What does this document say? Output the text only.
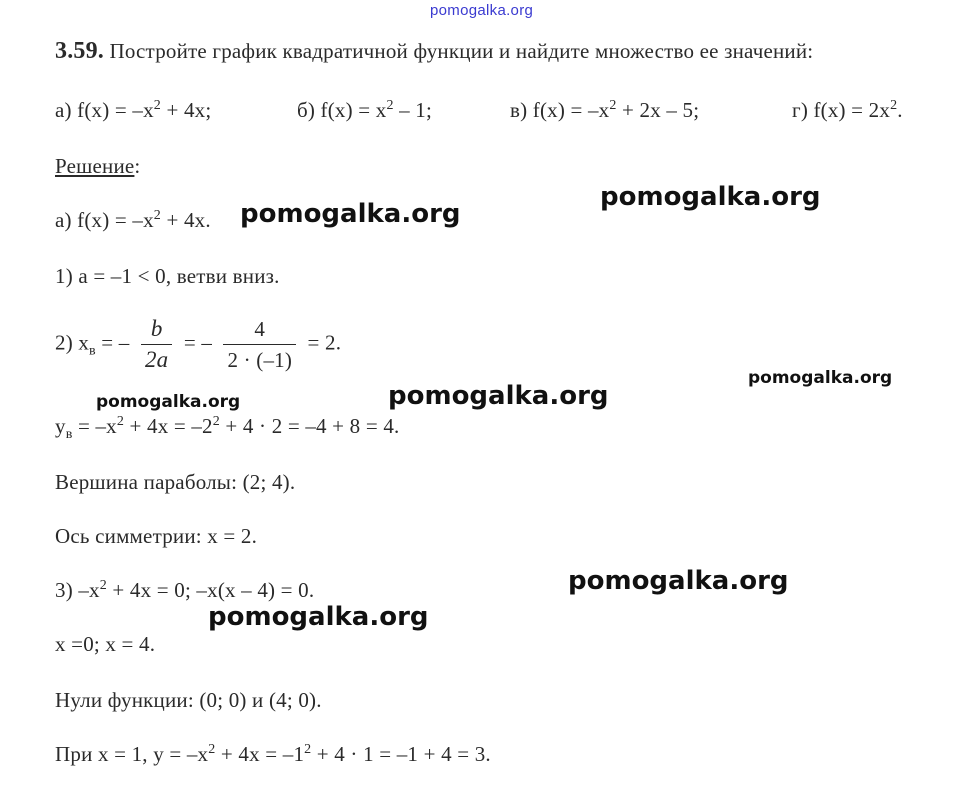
pomogalka.org
3.59. Постройте график квадратичной функции и найдите множество ее значений:
а) $f(x) = -x^2 + 4x$;	б) $f(x) = x^2 - 1$;	в) $f(x) = -x^2 + 2x - 5$;	г) $f(x) = 2x^2$.
Решение:
а) $f(x) = -x^2 + 4x$.
1) a = –1 < 0, ветви вниз.
2) $x_в$ = – $\frac{b}{2a}$ = – $\frac{4}{2 \cdot (-1)} = 2$.
$y_в = -x^2 + 4x = -2^2 + 4 \cdot 2 = -4 + 8 = 4$.
Вершина параболы: (2; 4).
Ось симметрии: x = 2.
3) $-x^2 + 4x = 0$; –x(x – 4) = 0.
x =0; x = 4.
Нули функции: (0; 0) и (4; 0).
При x = 1, $y = -x^2 + 4x = -1^2 + 4 \cdot 1 = -1 + 4 = 3$.
pomogalka.org
pomogalka.org
pomogalka.org
pomogalka.org
pomogalka.org
pomogalka.org
pomogalka.org
